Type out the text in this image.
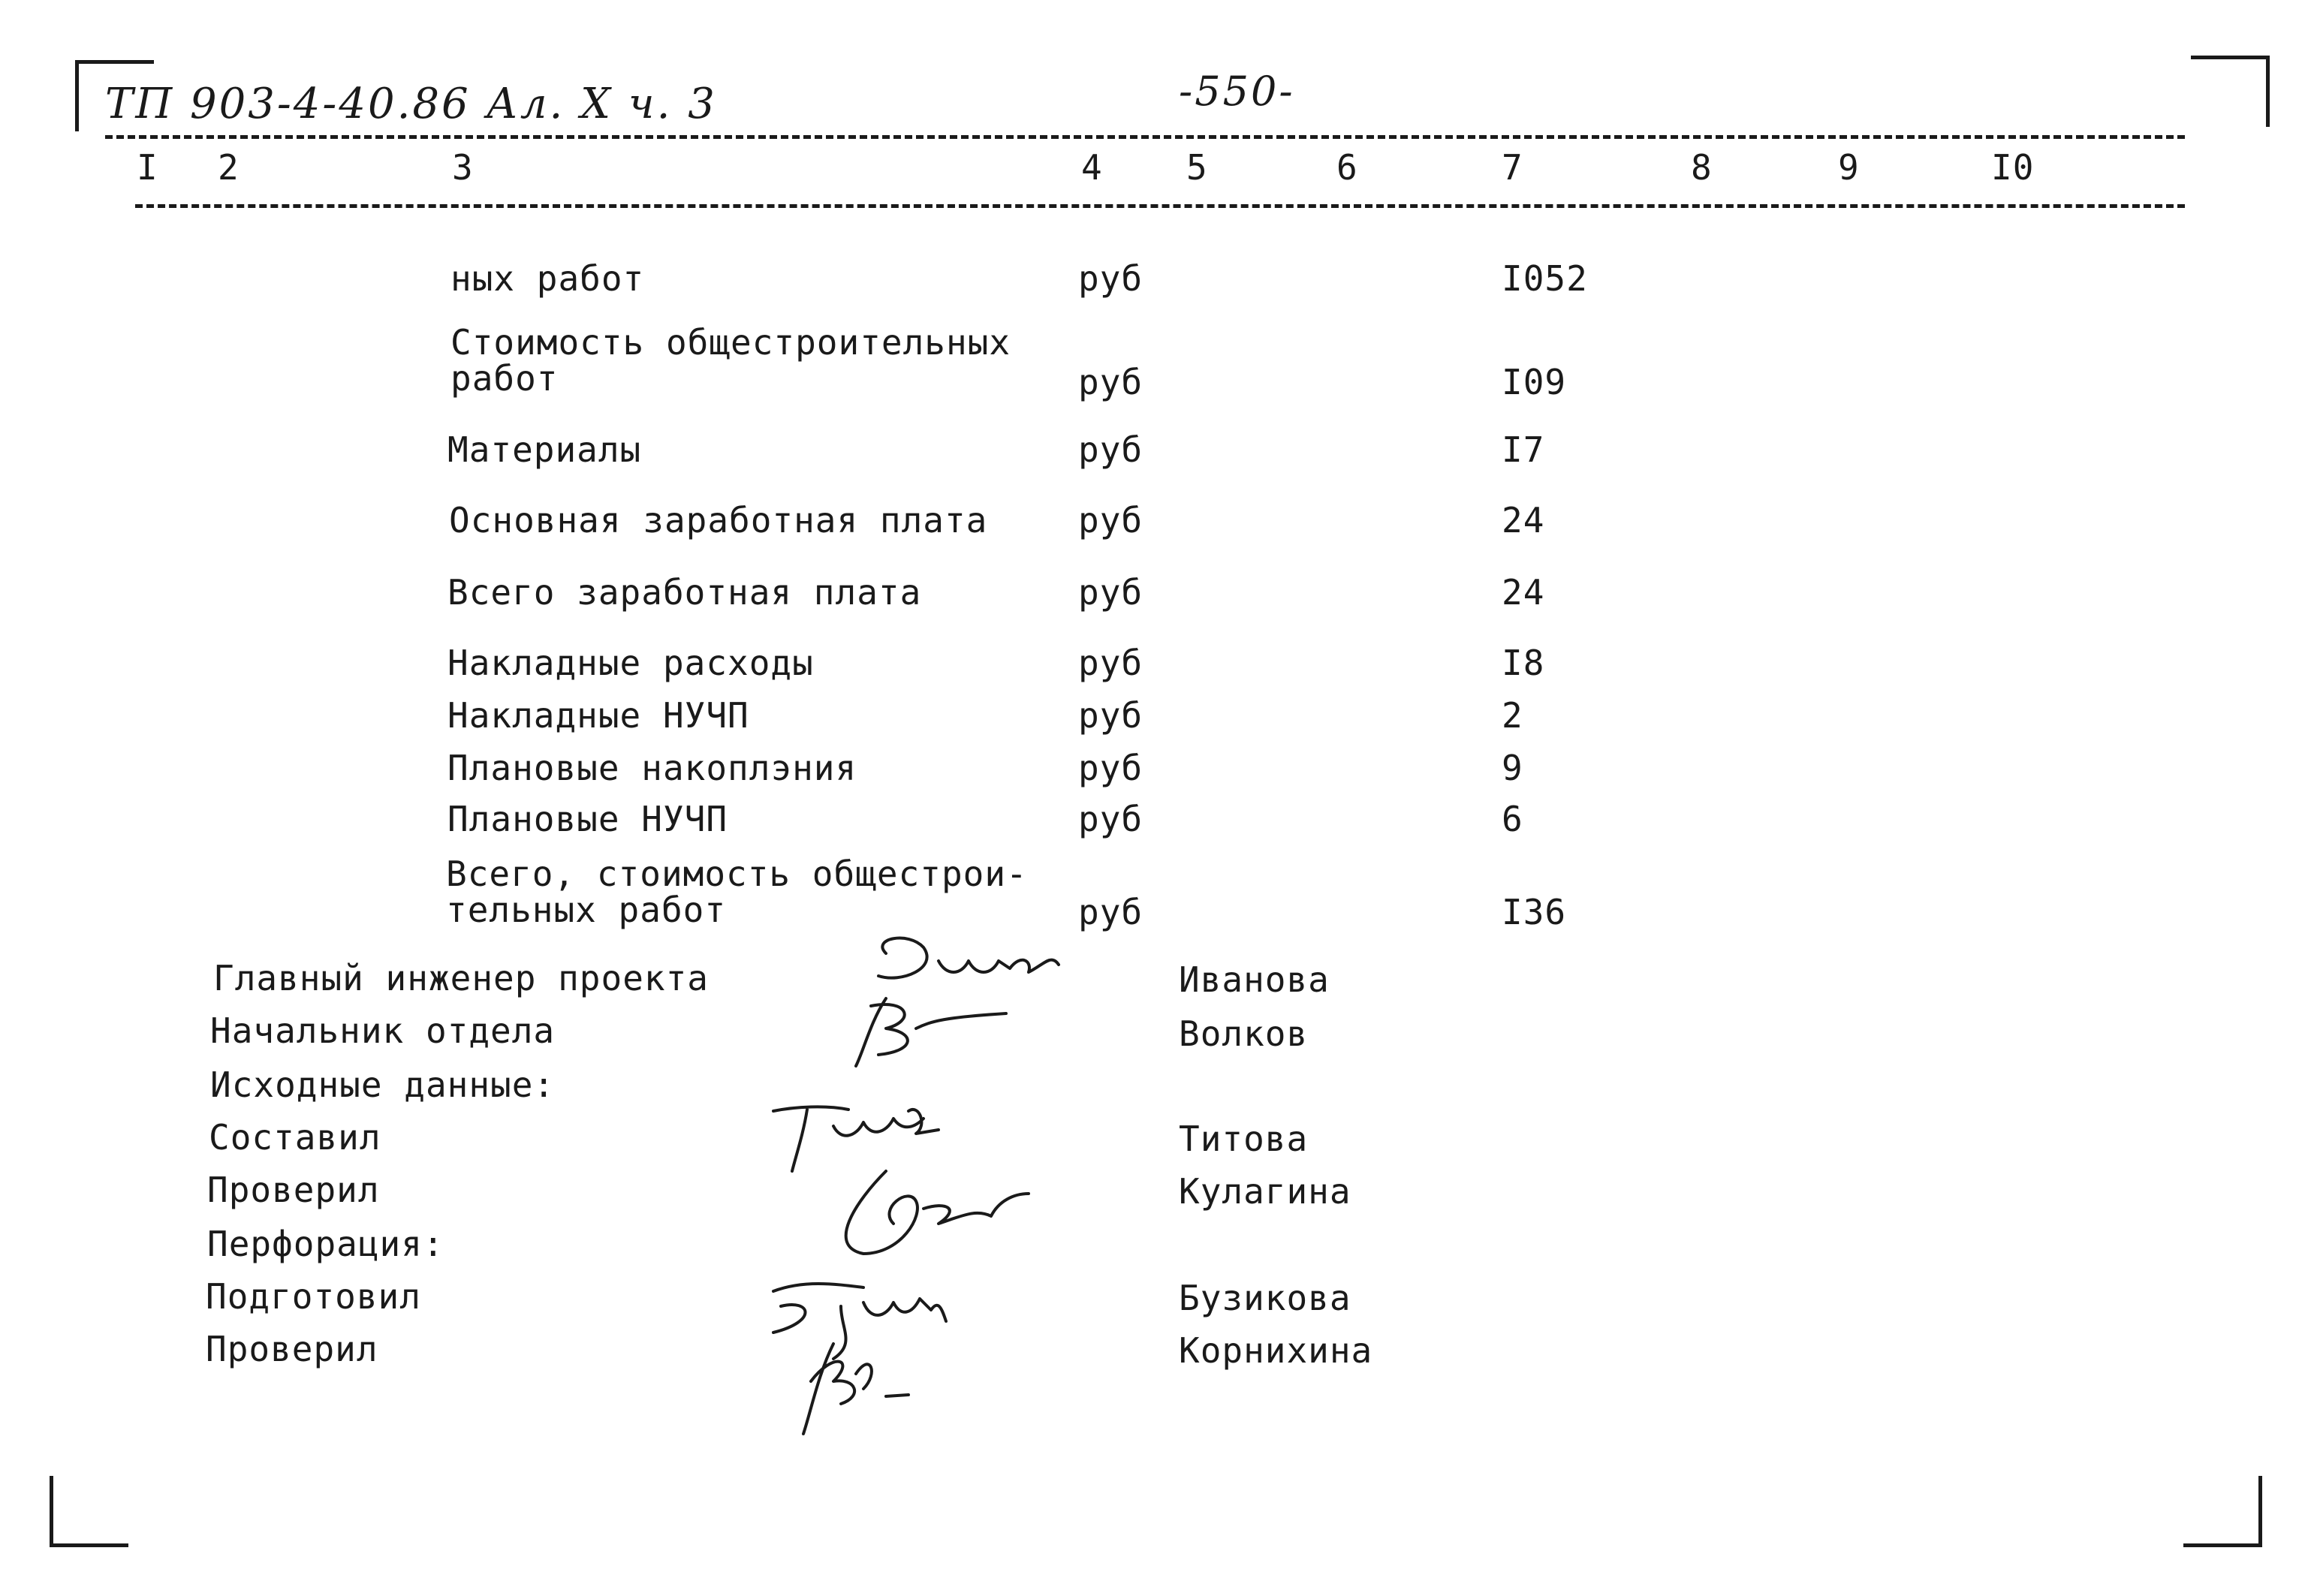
ТП 903-4-40.86 Ал. X ч. 3	-550-
I 2	3	4 5	6	7	8	9	I0
ных работ	руб	I052
Стоимость общестроительных
работ	руб	I09
Материалы	руб	I7
Основная заработная плата	руб	24
Всего заработная плата	руб	24
Накладные расходы	руб	I8
Накладные НУЧП	руб	2
Плановые накоплэния	руб	9
Плановые НУЧП	руб	6
Всего, стоимость общестрои-
тельных работ	руб	I36
Главный инженер проекта	Иванова
Начальник отдела	Волков
Исходные данные:
Составил	Титова
Проверил	Кулагина
Перфорация:
Подготовил	Бузикова
Проверил	Корнихина
